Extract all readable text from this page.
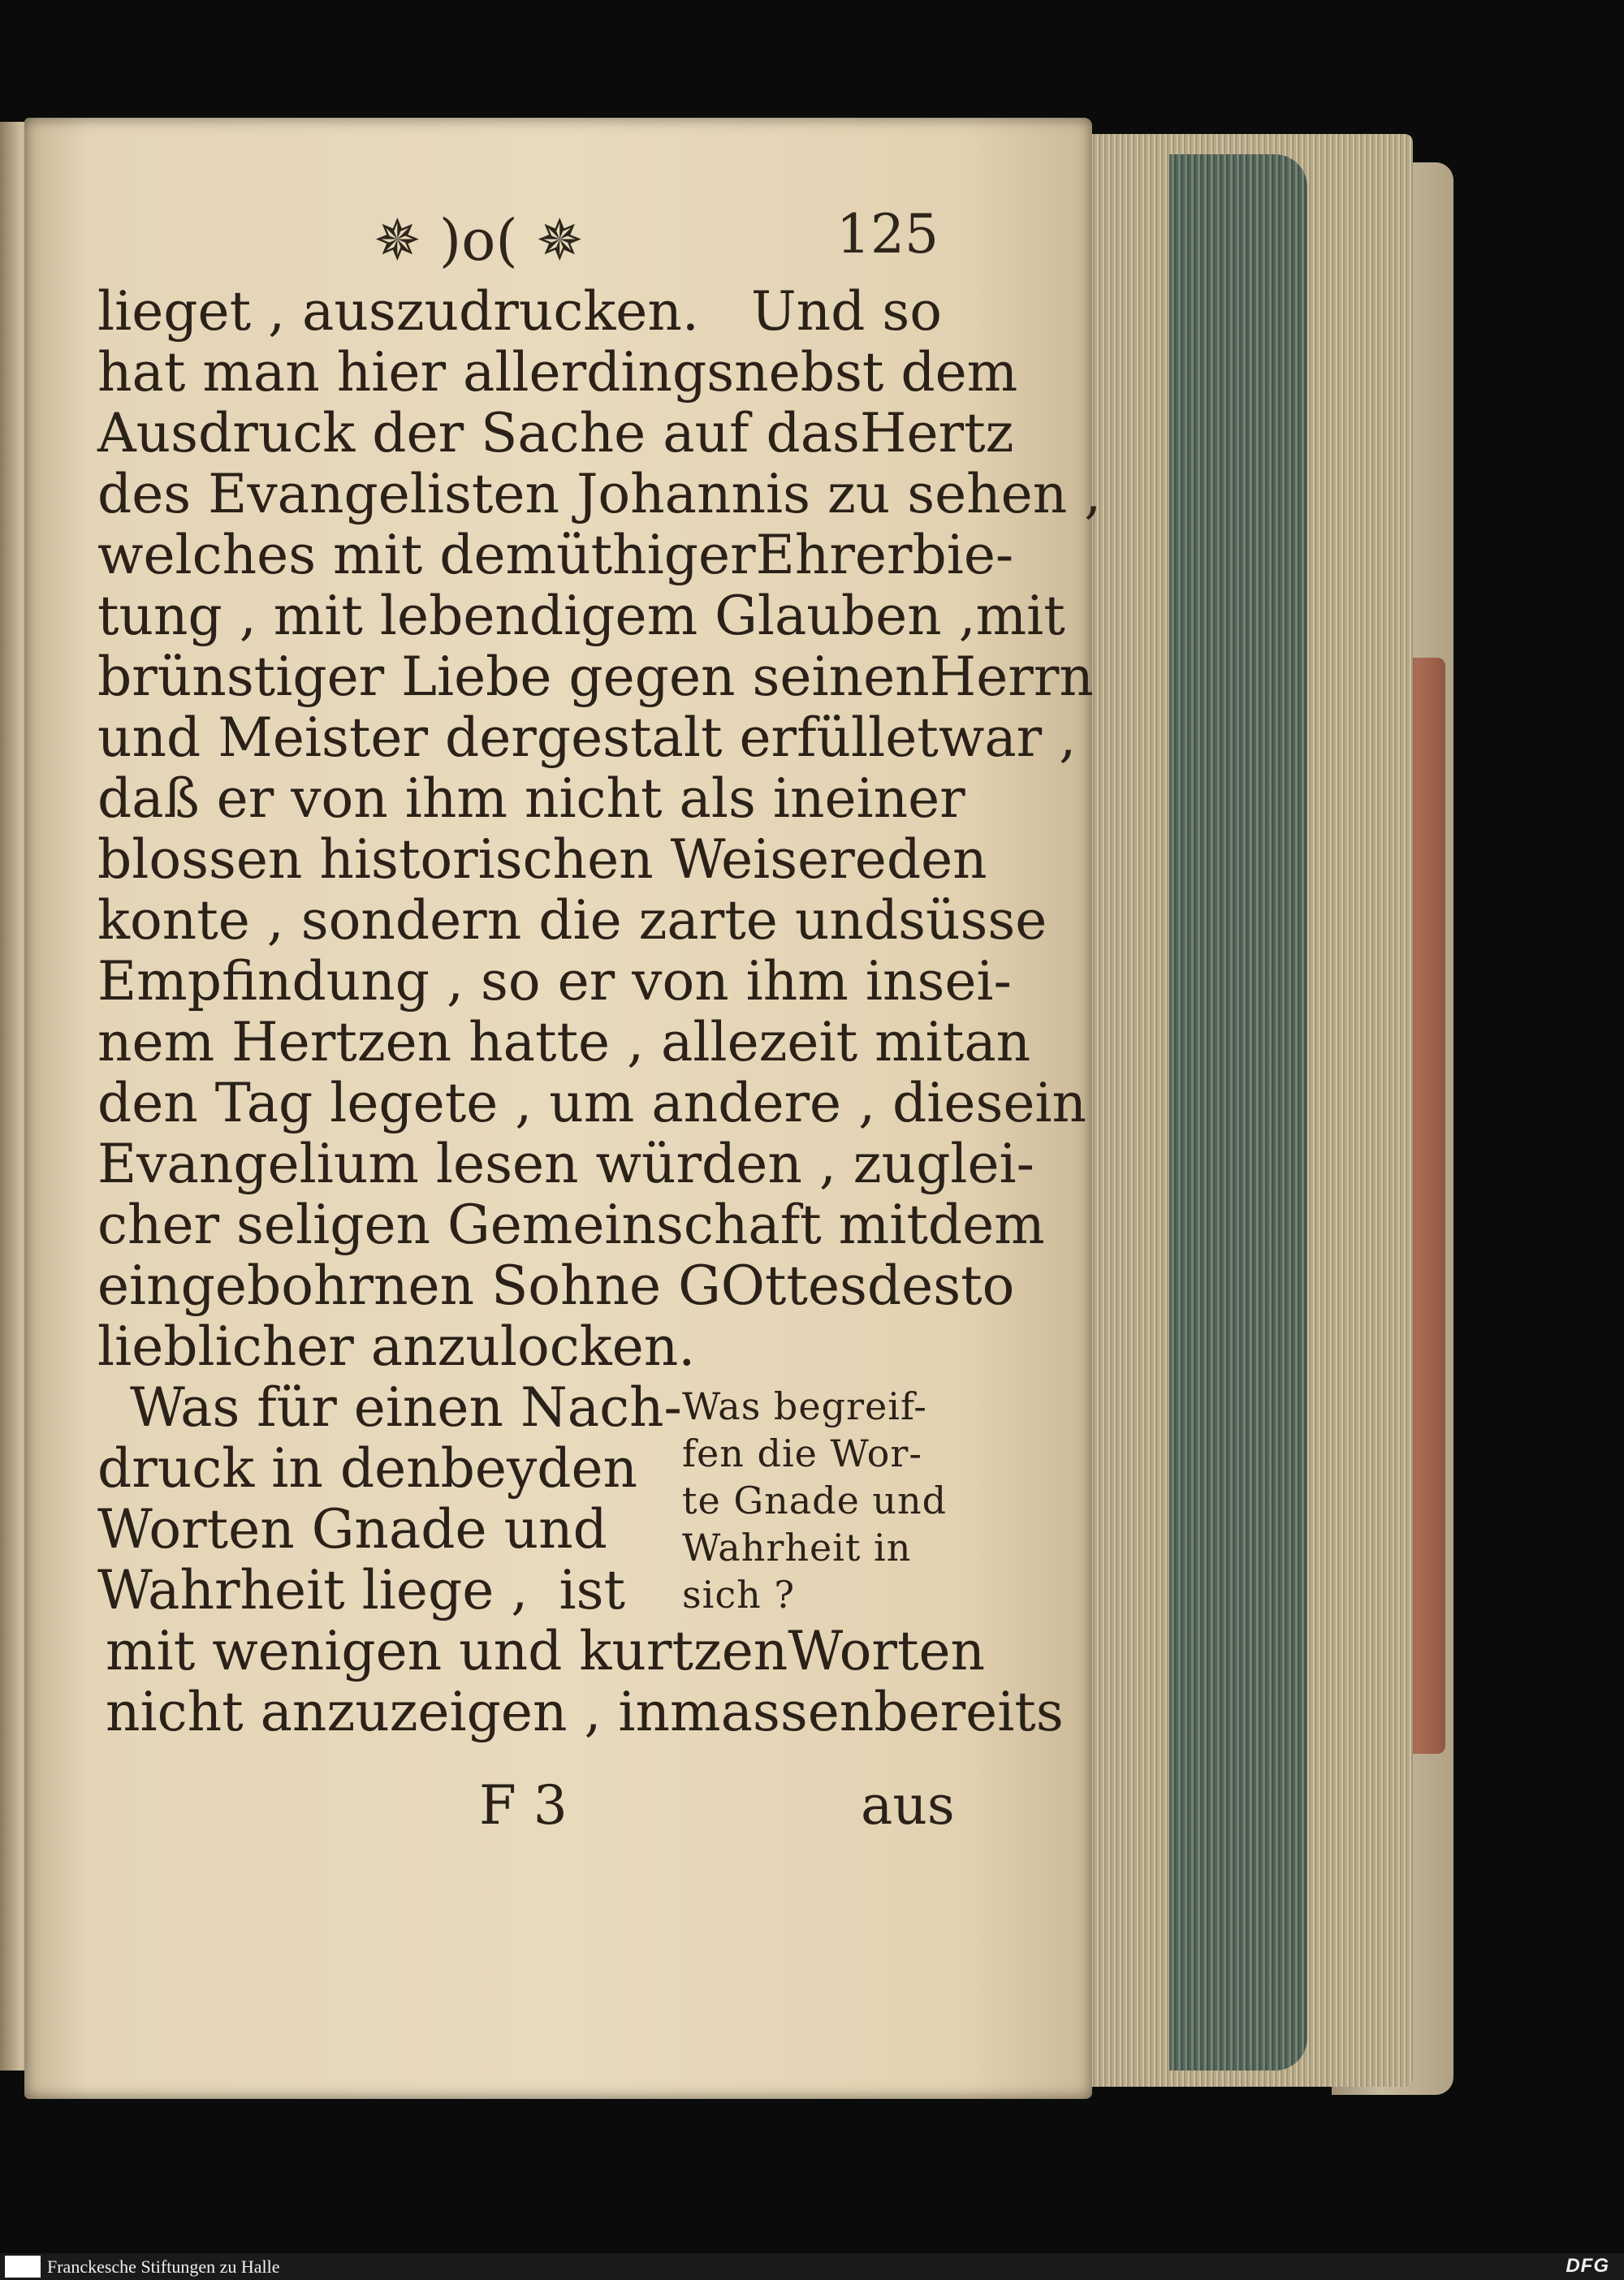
✵ )o( ✵	125
lieget , auszudrucken. Und so
hat man hier allerdings nebst dem
Ausdruck der Sache auf das Hertz
des Evangelisten Johannis zu sehen ,
welches mit demüthiger Ehrerbie-
tung , mit lebendigem Glauben , mit
brünstiger Liebe gegen seinen Herrn
und Meister dergestalt erfüllet war ,
daß er von ihm nicht als in einer
blossen historischen Weise reden
konte , sondern die zarte und süsse
Empfindung , so er von ihm in sei-
nem Hertzen hatte , allezeit mit an
den Tag legete , um andere , die sein
Evangelium lesen würden , zu glei-
cher seligen Gemeinschaft mit dem
eingebohrnen Sohne GOttes desto
lieblicher anzulocken.
Was für einen Nach-
druck in den beyden
Worten Gnade und
Wahrheit liege , ist
mit wenigen und kurtzen Worten
nicht anzuzeigen , inmassen bereits
Was begreif-
fen die Wor-
te Gnade und
Wahrheit in
sich ?
F 3	aus
Franckesche Stiftungen zu Halle	DFG
